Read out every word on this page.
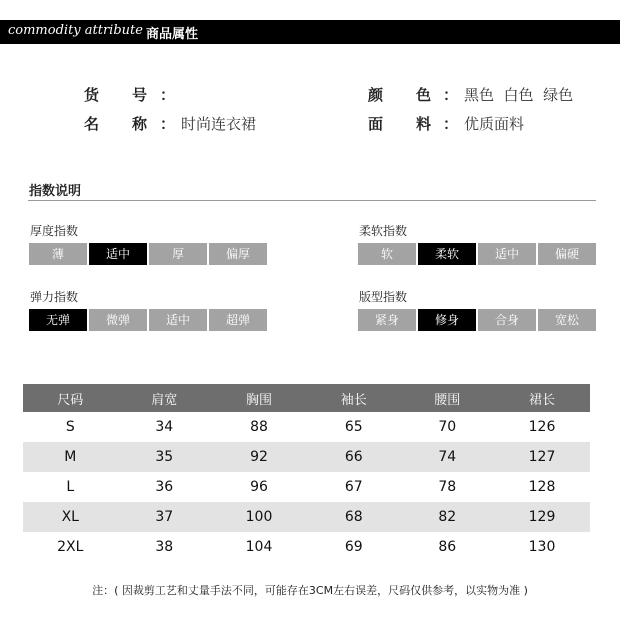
commodity attribute 商品属性
货 号 ：
名 称 ： 时尚连衣裙
颜 色 ： 黑色  白色  绿色
面 料 ： 优质面料
指数说明
厚度指数
薄	适中	厚	偏厚
柔软指数
软	柔软	适中	偏硬
弹力指数
无弹	微弹	适中	超弹
版型指数
紧身	修身	合身	宽松
尺码	肩宽	胸围	袖长	腰围	裙长
S	34	88	65	70	126
M	35	92	66	74	127
L	36	96	67	78	128
XL	37	100	68	82	129
2XL	38	104	69	86	130
注：( 因裁剪工艺和丈量手法不同，可能存在3CM左右误差，尺码仅供参考，以实物为准 )
